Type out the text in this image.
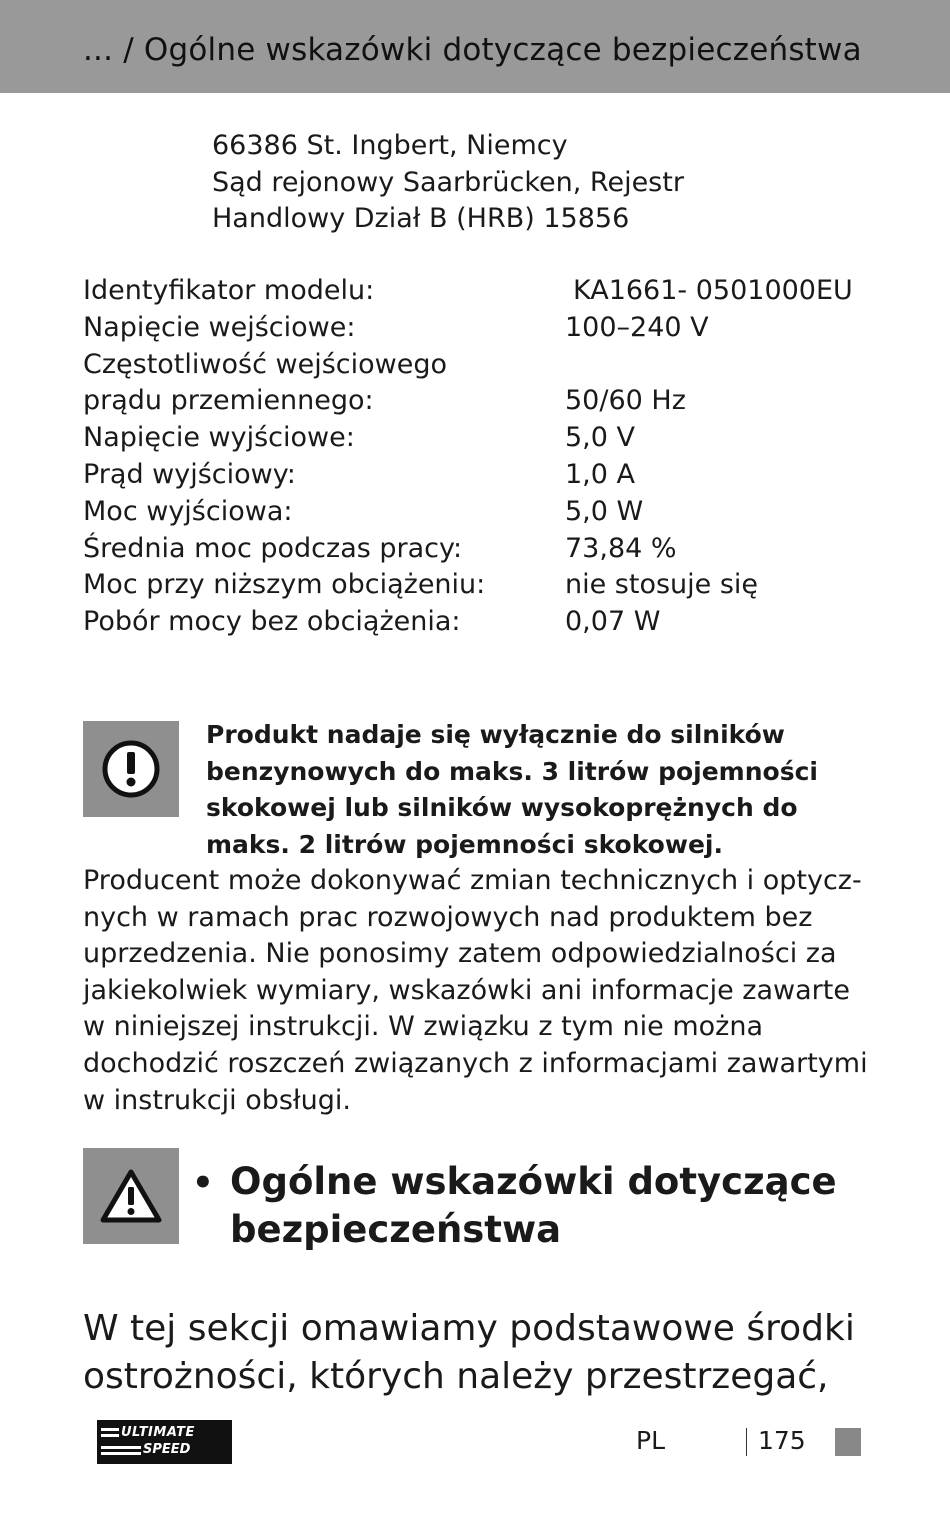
... / Ogólne wskazówki dotyczące bezpieczeństwa
66386 St. Ingbert, Niemcy
Sąd rejonowy Saarbrücken, Rejestr
Handlowy Dział B (HRB) 15856
Identyfikator modelu:	KA1661- 0501000EU
Napięcie wejściowe:	100–240 V
Częstotliwość wejściowego
prądu przemiennego:	50/60 Hz
Napięcie wyjściowe:	5,0 V
Prąd wyjściowy:	1,0 A
Moc wyjściowa:	5,0 W
Średnia moc podczas pracy:	73,84 %
Moc przy niższym obciążeniu:	nie stosuje się
Pobór mocy bez obciążenia:	0,07 W
Produkt nadaje się wyłącznie do silników
benzynowych do maks. 3 litrów pojemności
skokowej lub silników wysokoprężnych do
maks. 2 litrów pojemności skokowej.
Producent może dokonywać zmian technicznych i optycz-
nych w ramach prac rozwojowych nad produktem bez
uprzedzenia. Nie ponosimy zatem odpowiedzialności za
jakiekolwiek wymiary, wskazówki ani informacje zawarte
w niniejszej instrukcji. W związku z tym nie można
dochodzić roszczeń związanych z informacjami zawartymi
w instrukcji obsługi.
• Ogólne wskazówki dotyczące
bezpieczeństwa
W tej sekcji omawiamy podstawowe środki
ostrożności, których należy przestrzegać,
ULTIMATE
SPEED	PL	175
